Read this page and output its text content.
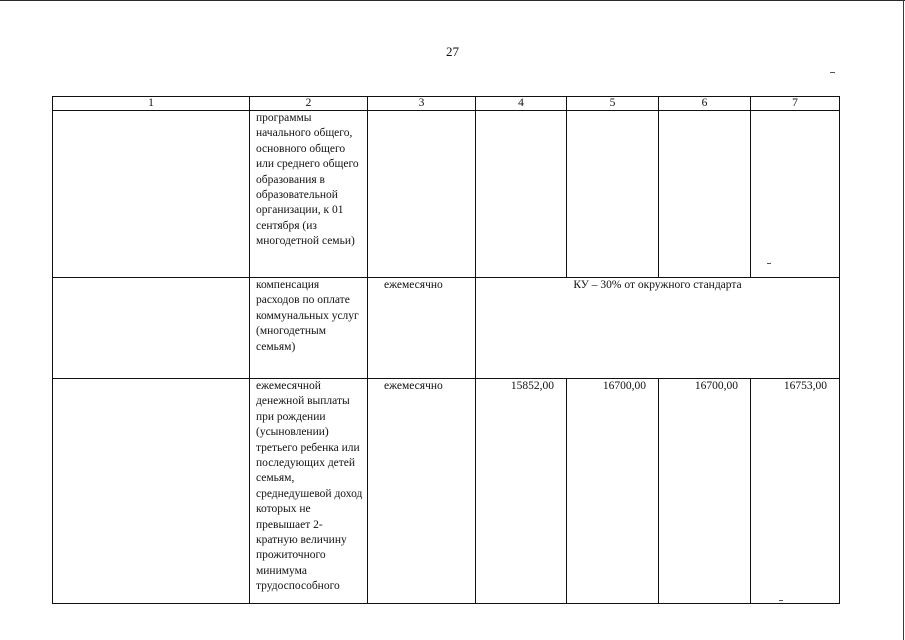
27
1	2	3	4	5	6	7
	программы начального общего, основного общего или среднего общего образования в образовательной организации, к 01 сентября (из многодетной семьи)					
	компенсация расходов по оплате коммунальных услуг (многодетным семьям)	ежемесячно	КУ – 30% от окружного стандарта			
	ежемесячной денежной выплаты при рождении (усыновлении) третьего ребенка или последующих детей семьям, среднедушевой доход которых не превышает 2-кратную величину прожиточного минимума трудоспособного	ежемесячно	15852,00	16700,00	16700,00	16753,00
